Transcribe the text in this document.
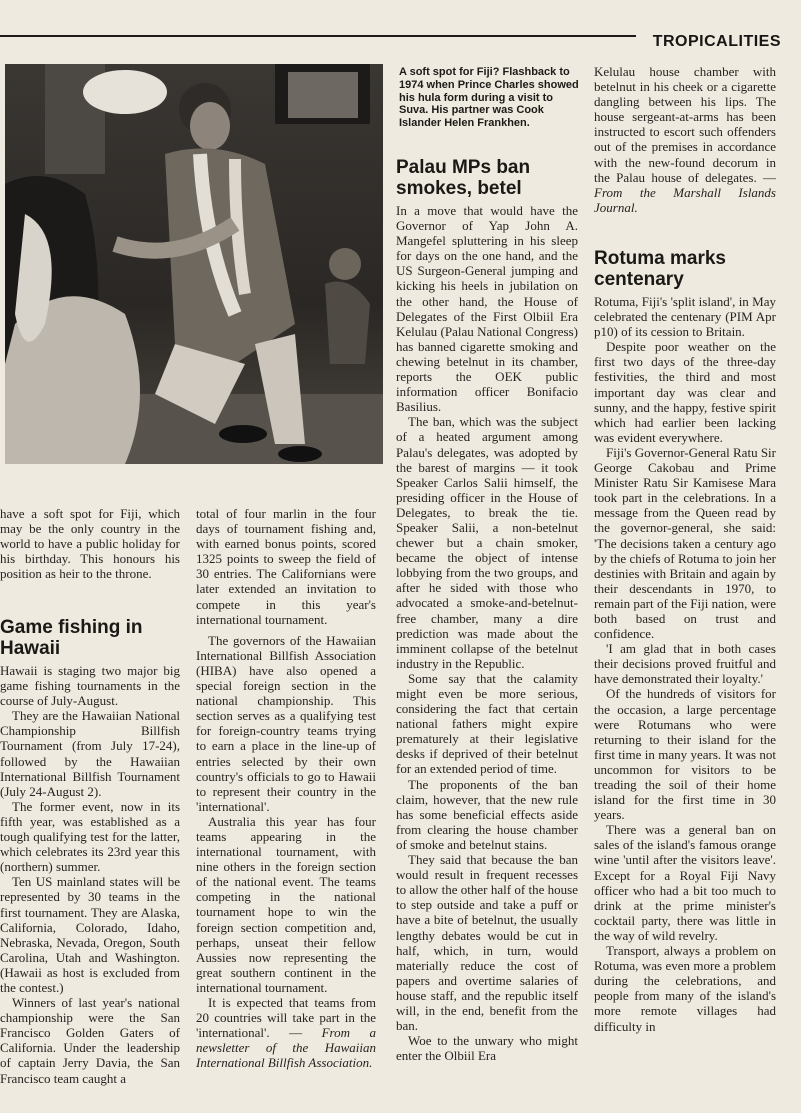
TROPICALITIES
A soft spot for Fiji? Flashback to 1974 when Prince Charles showed his hula form during a visit to Suva. His partner was Cook Islander Helen Frankhen.

have a soft spot for Fiji, which may be the only country in the world to have a public holiday for his birthday. This honours his position as heir to the throne.

Game fishing in Hawaii

Hawaii is staging two major big game fishing tournaments in the course of July-August.

They are the Hawaiian National Championship Billfish Tournament (from July 17-24), followed by the Hawaiian International Billfish Tournament (July 24-August 2).

The former event, now in its fifth year, was established as a tough qualifying test for the latter, which celebrates its 23rd year this (northern) summer.

Ten US mainland states will be represented by 30 teams in the first tournament. They are Alaska, California, Colorado, Idaho, Nebraska, Nevada, Oregon, South Carolina, Utah and Washington. (Hawaii as host is excluded from the contest.)

Winners of last year's national championship were the San Francisco Golden Gaters of California. Under the leadership of captain Jerry Davia, the San Francisco team caught a

total of four marlin in the four days of tournament fishing and, with earned bonus points, scored 1325 points to sweep the field of 30 entries. The Californians were later extended an invitation to compete in this year's international tournament.

The governors of the Hawaiian International Billfish Association (HIBA) have also opened a special foreign section in the national championship. This section serves as a qualifying test for foreign-country teams trying to earn a place in the line-up of entries selected by their own country's officials to go to Hawaii to represent their country in the 'international'.

Australia this year has four teams appearing in the international tournament, with nine others in the foreign section of the national event. The teams competing in the national tournament hope to win the foreign section competition and, perhaps, unseat their fellow Aussies now representing the great southern continent in the international tournament.

It is expected that teams from 20 countries will take part in the 'international'. — From a newsletter of the Hawaiian International Billfish Association.

Palau MPs ban smokes, betel

In a move that would have the Governor of Yap John A. Mangefel spluttering in his sleep for days on the one hand, and the US Surgeon-General jumping and kicking his heels in jubilation on the other hand, the House of Delegates of the First Olbiil Era Kelulau (Palau National Congress) has banned cigarette smoking and chewing betelnut in its chamber, reports the OEK public information officer Bonifacio Basilius.

The ban, which was the subject of a heated argument among Palau's delegates, was adopted by the barest of margins — it took Speaker Carlos Salii himself, the presiding officer in the House of Delegates, to break the tie. Speaker Salii, a non-betelnut chewer but a chain smoker, became the object of intense lobbying from the two groups, and after he sided with those who advocated a smoke-and-betelnut-free chamber, many a dire prediction was made about the imminent collapse of the betelnut industry in the Republic.

Some say that the calamity might even be more serious, considering the fact that certain national fathers might expire prematurely at their legislative desks if deprived of their betelnut for an extended period of time.

The proponents of the ban claim, however, that the new rule has some beneficial effects aside from clearing the house chamber of smoke and betelnut stains.

They said that because the ban would result in frequent recesses to allow the other half of the house to step outside and take a puff or have a bite of betelnut, the usually lengthy debates would be cut in half, which, in turn, would materially reduce the cost of papers and overtime salaries of house staff, and the republic itself will, in the end, benefit from the ban.

Woe to the unwary who might enter the Olbiil Era

Kelulau house chamber with betelnut in his cheek or a cigarette dangling between his lips. The house sergeant-at-arms has been instructed to escort such offenders out of the premises in accordance with the new-found decorum in the Palau house of delegates. — From the Marshall Islands Journal.

Rotuma marks centenary

Rotuma, Fiji's 'split island', in May celebrated the centenary (PIM Apr p10) of its cession to Britain.

Despite poor weather on the first two days of the three-day festivities, the third and most important day was clear and sunny, and the happy, festive spirit which had earlier been lacking was evident everywhere.

Fiji's Governor-General Ratu Sir George Cakobau and Prime Minister Ratu Sir Kamisese Mara took part in the celebrations. In a message from the Queen read by the governor-general, she said: 'The decisions taken a century ago by the chiefs of Rotuma to join her destinies with Britain and again by their descendants in 1970, to remain part of the Fiji nation, were both based on trust and confidence.

'I am glad that in both cases their decisions proved fruitful and have demonstrated their loyalty.'

Of the hundreds of visitors for the occasion, a large percentage were Rotumans who were returning to their island for the first time in many years. It was not uncommon for visitors to be treading the soil of their home island for the first time in 30 years.

There was a general ban on sales of the island's famous orange wine 'until after the visitors leave'. Except for a Royal Fiji Navy officer who had a bit too much to drink at the prime minister's cocktail party, there was little in the way of wild revelry.

Transport, always a problem on Rotuma, was even more a problem during the celebrations, and people from many of the island's more remote villages had difficulty in
